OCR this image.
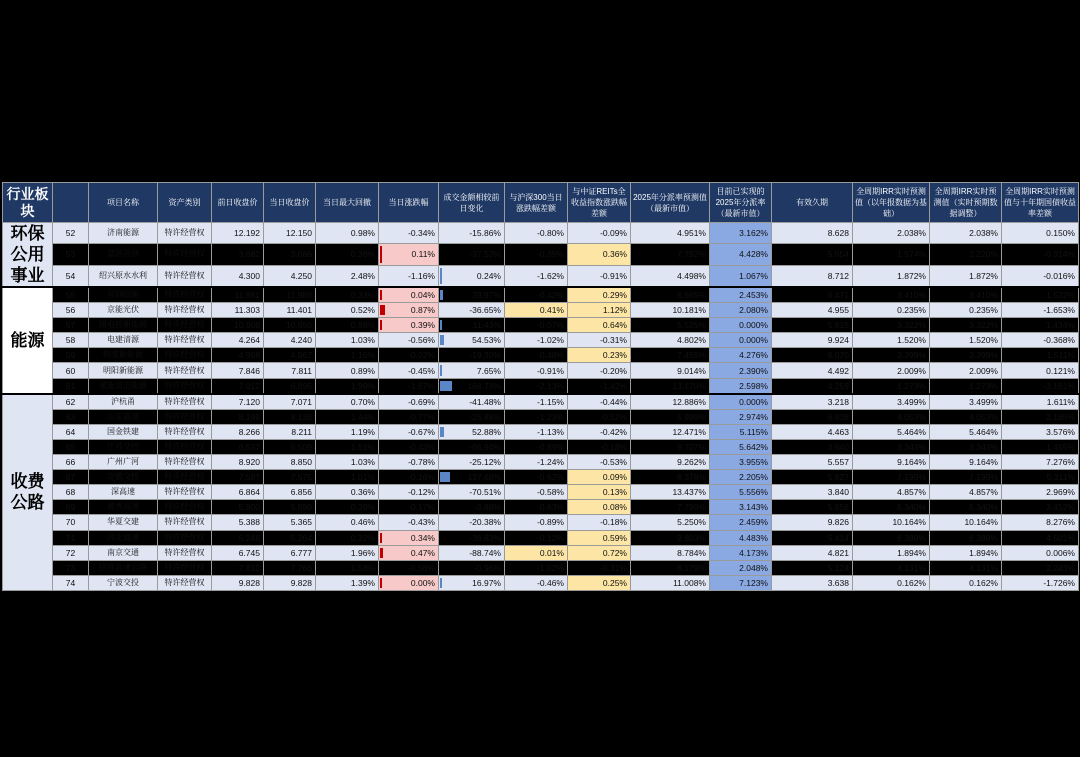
行业板块		项目名称	资产类别	前日收盘价	当日收盘价	当日最大回撤	当日涨跌幅	成交金额相较前日变化	与沪深300当日涨跌幅差额	与中证REITs全收益指数涨跌幅差额	2025年分派率预测值（最新市值）	目前已实现的2025年分派率（最新市值）	有效久期	全周期IRR实时预测值（以年报数据为基础）	全周期IRR实时预测值（实时预期数据调整）	全周期IRR实时预测值与十年期国债收益率差额
环保公用事业	52	济南能源	特许经营权	12.192	12.150	0.98%	-0.34%	-15.86%	-0.80%	-0.09%	4.951%	3.162%	8.628	2.038%	2.038%	0.150%
	53	富国首创	特许经营权	3.682	3.686	0.38%	0.11%	-37.53%	-0.35%	0.36%	7.792%	4.428%	5.654	1.574%	2.220%	-0.314%
	54	绍兴原水水利	特许经营权	4.300	4.250	2.48%	-1.16%	0.24%	-1.62%	-0.91%	4.498%	1.067%	8.712	1.872%	1.872%	-0.016%
能源	55	首钢绿能	特许经营权	11.981	11.986	0.33%	0.04%	39.97%	-0.42%	0.29%	6.565%	2.453%	6.471	3.410%	3.410%	1.522%
	56	京能光伏	特许经营权	11.303	11.401	0.52%	0.87%	-36.65%	0.41%	1.12%	10.181%	2.080%	4.955	0.235%	0.235%	-1.653%
	57	国电投新能源	特许经营权	10.908	10.950	0.88%	0.39%	11.43%	-0.07%	0.64%	5.525%	0.000%	5.615	3.322%	3.322%	1.434%
	58	电建清源	特许经营权	4.264	4.240	1.03%	-0.56%	54.53%	-1.02%	-0.31%	4.802%	0.000%	9.924	1.520%	1.520%	-0.368%
	59	特变新能源	特许经营权	4.968	4.967	1.16%	-0.02%	-19.30%	-0.48%	0.23%	7.455%	4.276%	6.070	3.399%	3.399%	1.511%
	60	明阳新能源	特许经营权	7.846	7.811	0.89%	-0.45%	7.65%	-0.91%	-0.20%	9.014%	2.390%	4.492	2.009%	2.009%	0.121%
	61	蒙能清洁能源	特许经营权	7.012	6.895	1.99%	-1.67%	168.73%	-2.13%	-1.42%	13.170%	2.598%	4.259	-1.273%	-1.273%	-3.161%
收费公路	62	沪杭甬	特许经营权	7.120	7.071	0.70%	-0.69%	-41.48%	-1.15%	-0.44%	12.886%	0.000%	3.218	3.499%	3.499%	1.611%
	63	山东高速	特许经营权	8.199	8.136	1.44%	-0.77%	-25.88%	-1.23%	-0.52%	5.999%	2.974%	6.938	4.053%	4.053%	2.165%
	64	国金铁建	特许经营权	8.266	8.211	1.19%	-0.67%	52.88%	-1.13%	-0.42%	12.471%	5.115%	4.463	5.464%	5.464%	3.576%
	65	江苏交控	特许经营权	6.537	6.509	1.51%	-0.43%	-66.94%	-0.89%	-0.18%	9.707%	5.642%	3.640	3.343%	3.343%	1.455%
	66	广州广河	特许经营权	8.920	8.850	1.03%	-0.78%	-25.12%	-1.24%	-0.53%	9.262%	3.955%	5.557	9.164%	9.164%	7.276%
	67	安徽交控	特许经营权	7.587	7.575	1.01%	-0.16%	137.68%	-0.62%	0.09%	8.378%	2.205%	5.627	7.199%	7.199%	5.311%
	68	深高速	特许经营权	6.864	6.856	0.36%	-0.12%	-70.51%	-0.58%	0.13%	13.437%	5.556%	3.840	4.857%	4.857%	2.969%
	69	越秀高速	特许经营权	5.900	5.890	0.39%	-0.17%	-3.88%	-0.63%	0.08%	7.799%	3.143%	5.658	5.340%	5.340%	3.452%
	70	华夏交建	特许经营权	5.388	5.365	0.46%	-0.43%	-20.38%	-0.89%	-0.18%	5.250%	2.459%	9.826	10.164%	10.164%	8.276%
	71	河北高速	特许经营权	5.246	5.264	0.32%	0.34%	-36.83%	-0.12%	0.59%	9.803%	4.483%	5.414	6.389%	6.389%	4.501%
	72	南京交通	特许经营权	6.745	6.777	1.96%	0.47%	-88.74%	0.01%	0.72%	8.784%	4.173%	4.821	1.894%	1.894%	0.006%
	73	招商高速公路	特许经营权	7.810	7.766	1.58%	-0.56%	-0.96%	-1.02%	-0.31%	8.179%	2.048%	5.124	4.131%	4.131%	2.243%
	74	宁波交投	特许经营权	9.828	9.828	1.39%	0.00%	16.97%	-0.46%	0.25%	11.008%	7.123%	3.638	0.162%	0.162%	-1.726%
